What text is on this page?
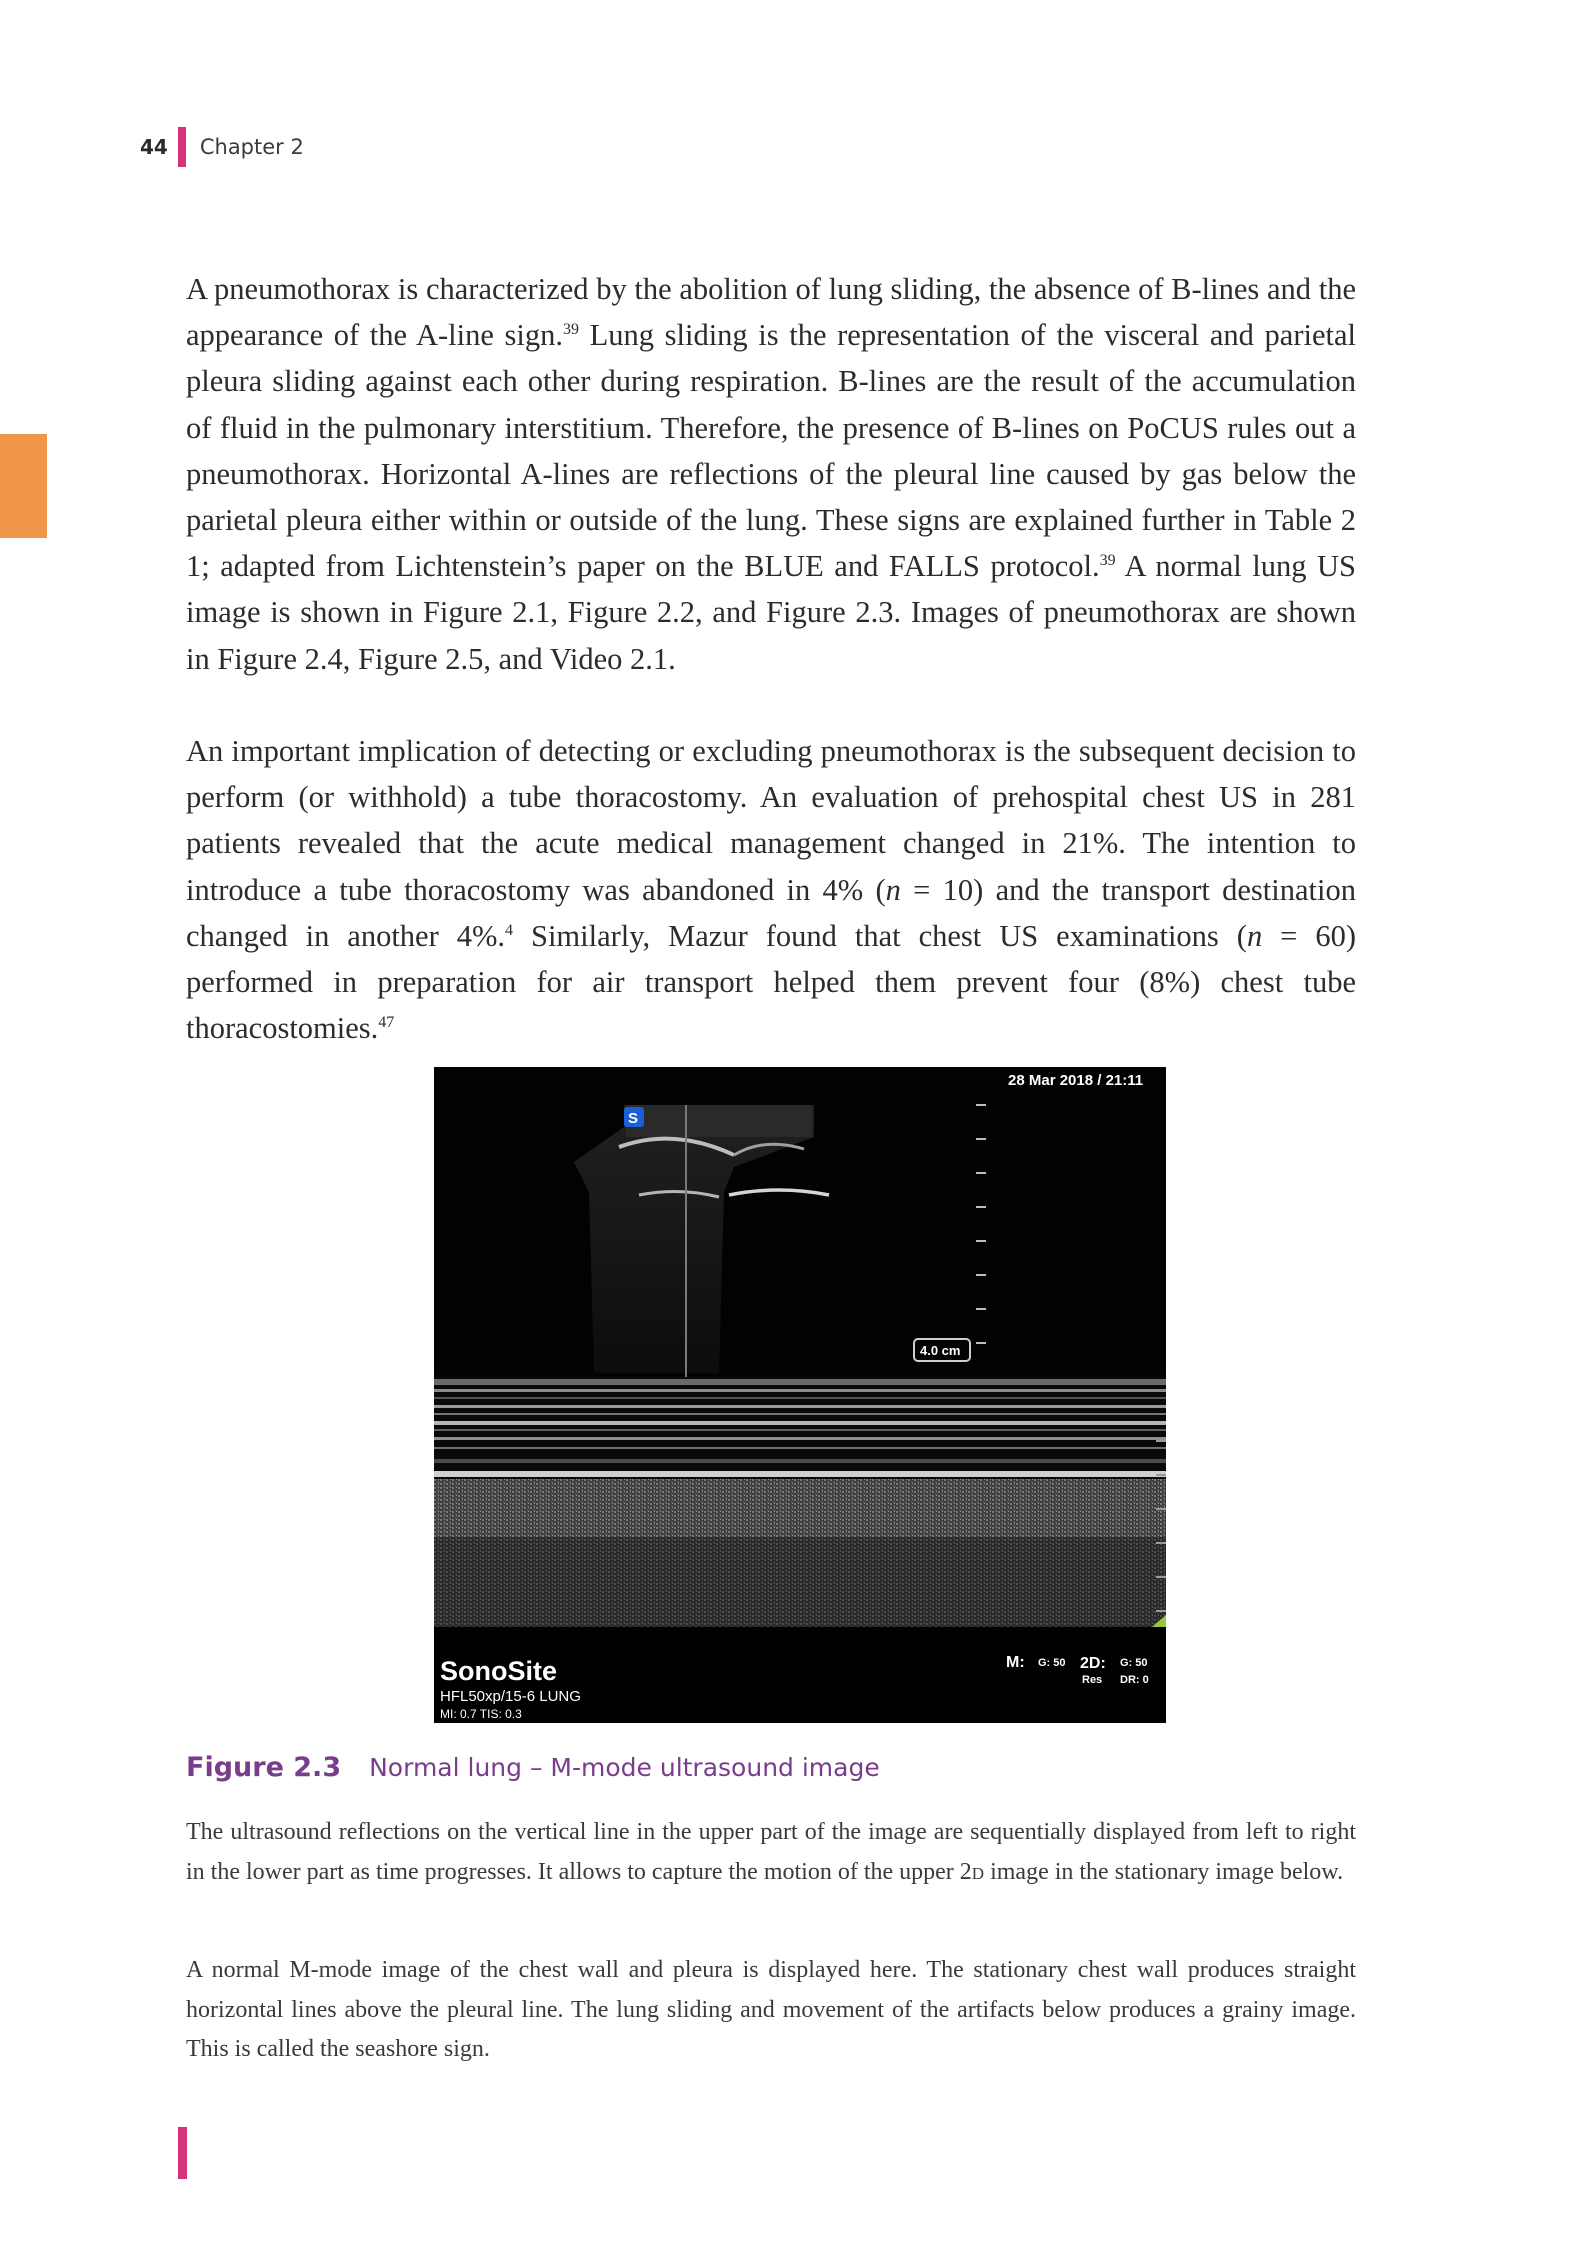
44 Chapter 2

A pneumothorax is characterized by the abolition of lung sliding, the absence of B-lines and the appearance of the A-line sign.$^{39}$ Lung sliding is the representation of the visceral and parietal pleura sliding against each other during respiration. B-lines are the result of the accumulation of fluid in the pulmonary interstitium. Therefore, the presence of B-lines on PoCUS rules out a pneumothorax. Horizontal A-lines are reflections of the pleural line caused by gas below the parietal pleura either within or outside of the lung. These signs are explained further in Table 2 1; adapted from Lichtenstein’s paper on the BLUE and FALLS protocol.$^{39}$ A normal lung US image is shown in Figure 2.1, Figure 2.2, and Figure 2.3. Images of pneumothorax are shown in Figure 2.4, Figure 2.5, and Video 2.1.

An important implication of detecting or excluding pneumothorax is the subsequent decision to perform (or withhold) a tube thoracostomy. An evaluation of prehospital chest US in 281 patients revealed that the acute medical management changed in 21%. The intention to introduce a tube thoracostomy was abandoned in 4% (n = 10) and the transport destination changed in another 4%.$^4$ Similarly, Mazur found that chest US examinations (n = 60) performed in preparation for air transport helped them prevent four (8%) chest tube thoracostomies.$^{47}$

28 Mar 2018 / 21:11
S
4.0 cm
SonoSite
HFL50xp/15-6 LUNG
MI: 0.7 TIS: 0.3
M: G: 50 2D: G: 50
Res DR: 0
Figure 2.3 Normal lung – M-mode ultrasound image

The ultrasound reflections on the vertical line in the upper part of the image are sequentially displayed from left to right in the lower part as time progresses. It allows to capture the motion of the upper 2d image in the stationary image below.

A normal M-mode image of the chest wall and pleura is displayed here. The stationary chest wall produces straight horizontal lines above the pleural line. The lung sliding and movement of the artifacts below produces a grainy image. This is called the seashore sign.
